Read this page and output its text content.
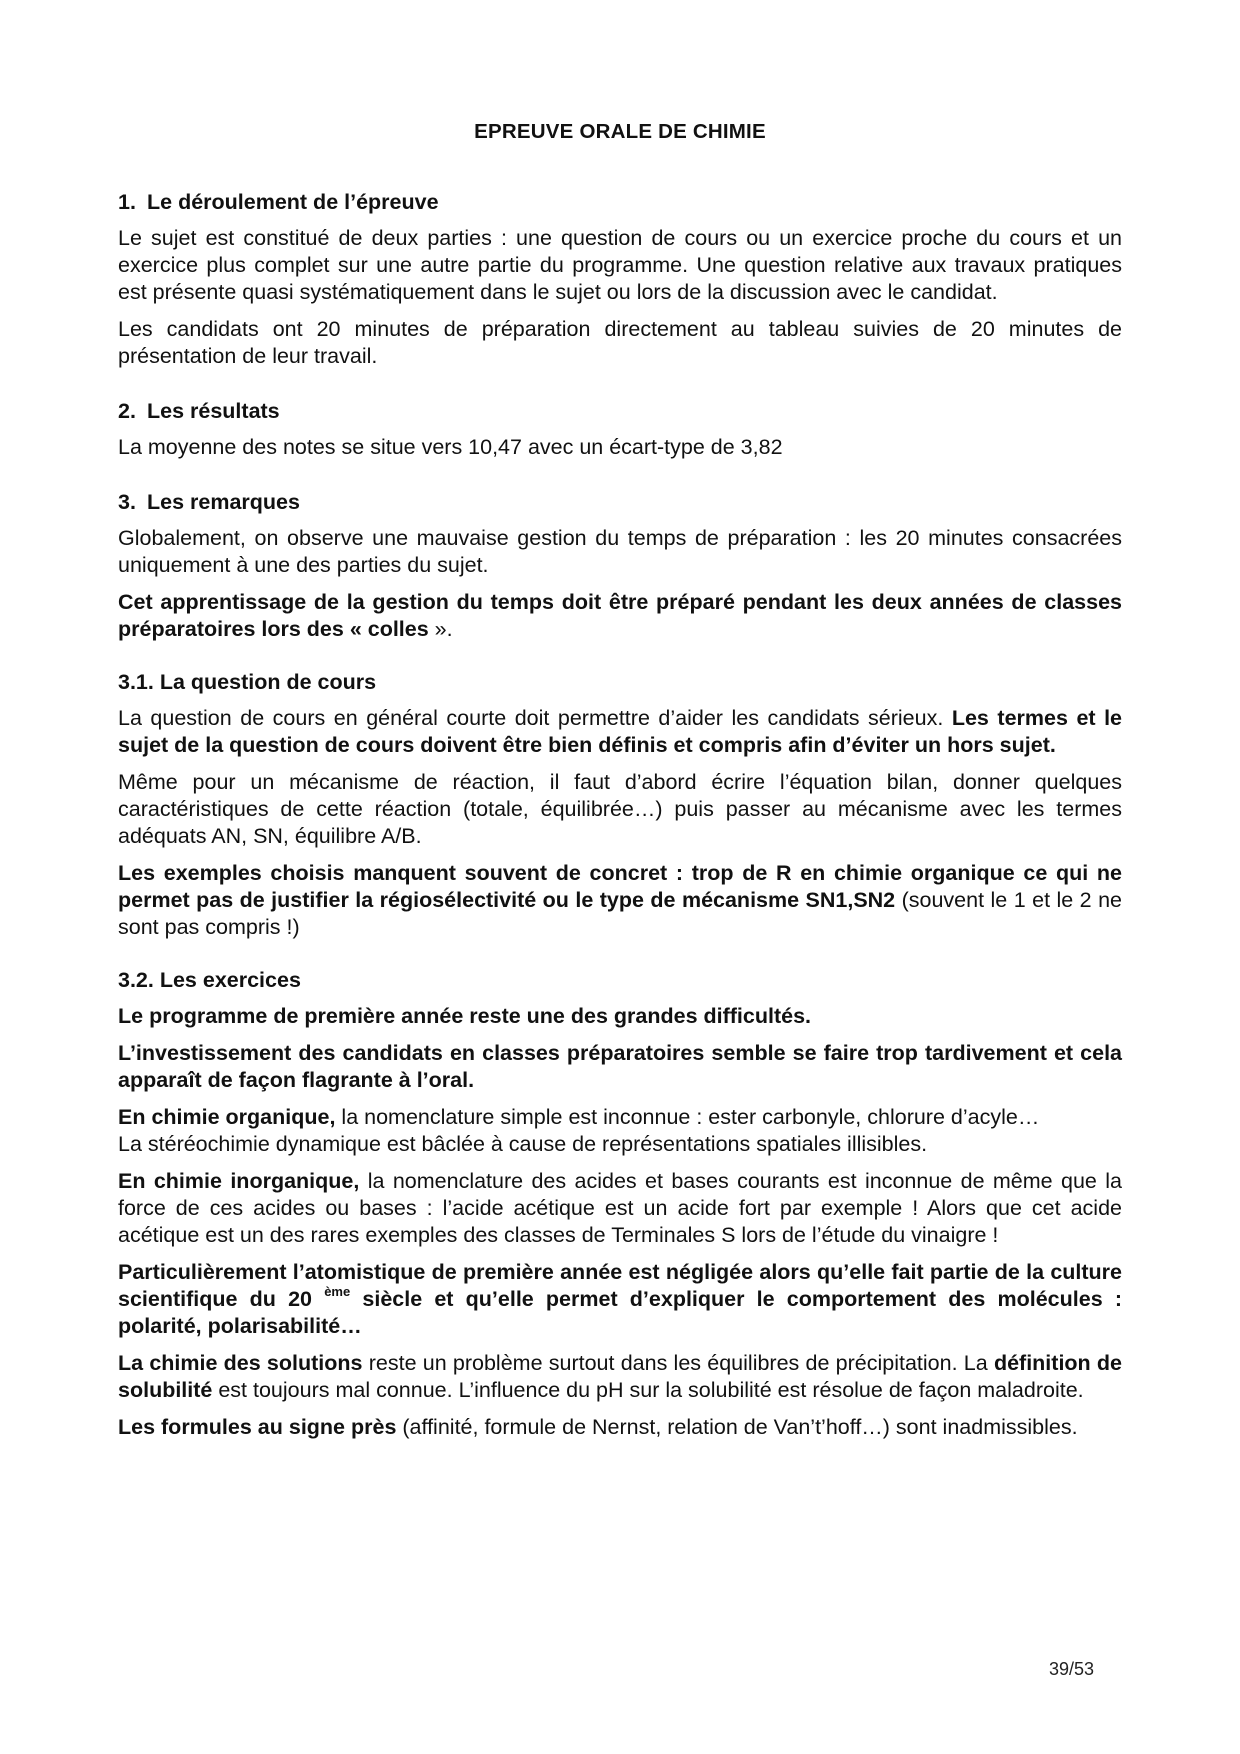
EPREUVE ORALE DE CHIMIE
1. Le déroulement de l’épreuve

Le sujet est constitué de deux parties : une question de cours ou un exercice proche du cours et un exercice plus complet sur une autre partie du programme. Une question relative aux travaux pratiques est présente quasi systématiquement dans le sujet ou lors de la discussion avec le candidat.

Les candidats ont 20 minutes de préparation directement au tableau suivies de 20 minutes de présentation de leur travail.

2. Les résultats

La moyenne des notes se situe vers 10,47 avec un écart-type de 3,82

3. Les remarques

Globalement, on observe une mauvaise gestion du temps de préparation : les 20 minutes consacrées uniquement à une des parties du sujet.

Cet apprentissage de la gestion du temps doit être préparé pendant les deux années de classes préparatoires lors des « colles ».

3.1. La question de cours

La question de cours en général courte doit permettre d’aider les candidats sérieux. Les termes et le sujet de la question de cours doivent être bien définis et compris afin d’éviter un hors sujet.

Même pour un mécanisme de réaction, il faut d’abord écrire l’équation bilan, donner quelques caractéristiques de cette réaction (totale, équilibrée…) puis passer au mécanisme avec les termes adéquats AN, SN, équilibre A/B.

Les exemples choisis manquent souvent de concret : trop de R en chimie organique ce qui ne permet pas de justifier la régiosélectivité ou le type de mécanisme SN1,SN2 (souvent le 1 et le 2 ne sont pas compris !)

3.2. Les exercices

Le programme de première année reste une des grandes difficultés.

L’investissement des candidats en classes préparatoires semble se faire trop tardivement et cela apparaît de façon flagrante à l’oral.

En chimie organique, la nomenclature simple est inconnue : ester carbonyle, chlorure d’acyle…
La stéréochimie dynamique est bâclée à cause de représentations spatiales illisibles.

En chimie inorganique, la nomenclature des acides et bases courants est inconnue de même que la force de ces acides ou bases : l’acide acétique est un acide fort par exemple ! Alors que cet acide acétique est un des rares exemples des classes de Terminales S lors de l’étude du vinaigre !

Particulièrement l’atomistique de première année est négligée alors qu’elle fait partie de la culture scientifique du 20 $^{ème}$ siècle et qu’elle permet d’expliquer le comportement des molécules : polarité, polarisabilité…

La chimie des solutions reste un problème surtout dans les équilibres de précipitation. La définition de solubilité est toujours mal connue. L’influence du pH sur la solubilité est résolue de façon maladroite.

Les formules au signe près (affinité, formule de Nernst, relation de Van’t’hoff…) sont inadmissibles.

39/53
